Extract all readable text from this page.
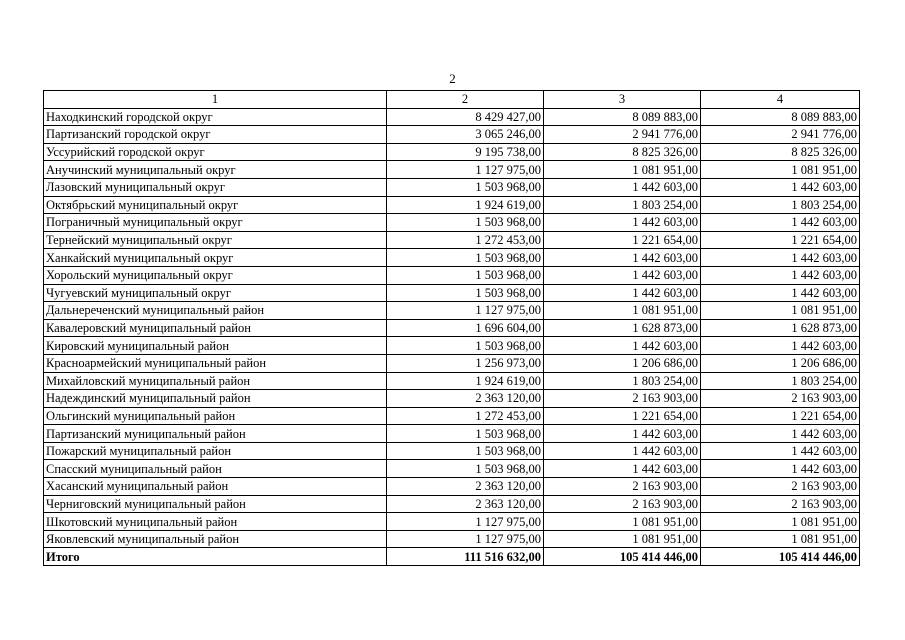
2
1	2	3	4
Находкинский городской округ	8 429 427,00	8 089 883,00	8 089 883,00
Партизанский городской округ	3 065 246,00	2 941 776,00	2 941 776,00
Уссурийский городской округ	9 195 738,00	8 825 326,00	8 825 326,00
Анучинский муниципальный округ	1 127 975,00	1 081 951,00	1 081 951,00
Лазовский муниципальный округ	1 503 968,00	1 442 603,00	1 442 603,00
Октябрьский муниципальный округ	1 924 619,00	1 803 254,00	1 803 254,00
Пограничный муниципальный округ	1 503 968,00	1 442 603,00	1 442 603,00
Тернейский муниципальный округ	1 272 453,00	1 221 654,00	1 221 654,00
Ханкайский муниципальный округ	1 503 968,00	1 442 603,00	1 442 603,00
Хорольский муниципальный округ	1 503 968,00	1 442 603,00	1 442 603,00
Чугуевский муниципальный округ	1 503 968,00	1 442 603,00	1 442 603,00
Дальнереченский муниципальный район	1 127 975,00	1 081 951,00	1 081 951,00
Кавалеровский муниципальный район	1 696 604,00	1 628 873,00	1 628 873,00
Кировский муниципальный район	1 503 968,00	1 442 603,00	1 442 603,00
Красноармейский муниципальный район	1 256 973,00	1 206 686,00	1 206 686,00
Михайловский муниципальный район	1 924 619,00	1 803 254,00	1 803 254,00
Надеждинский муниципальный район	2 363 120,00	2 163 903,00	2 163 903,00
Ольгинский муниципальный район	1 272 453,00	1 221 654,00	1 221 654,00
Партизанский муниципальный район	1 503 968,00	1 442 603,00	1 442 603,00
Пожарский муниципальный район	1 503 968,00	1 442 603,00	1 442 603,00
Спасский муниципальный район	1 503 968,00	1 442 603,00	1 442 603,00
Хасанский муниципальный район	2 363 120,00	2 163 903,00	2 163 903,00
Черниговский муниципальный район	2 363 120,00	2 163 903,00	2 163 903,00
Шкотовский муниципальный район	1 127 975,00	1 081 951,00	1 081 951,00
Яковлевский муниципальный район	1 127 975,00	1 081 951,00	1 081 951,00
Итого	111 516 632,00	105 414 446,00	105 414 446,00
